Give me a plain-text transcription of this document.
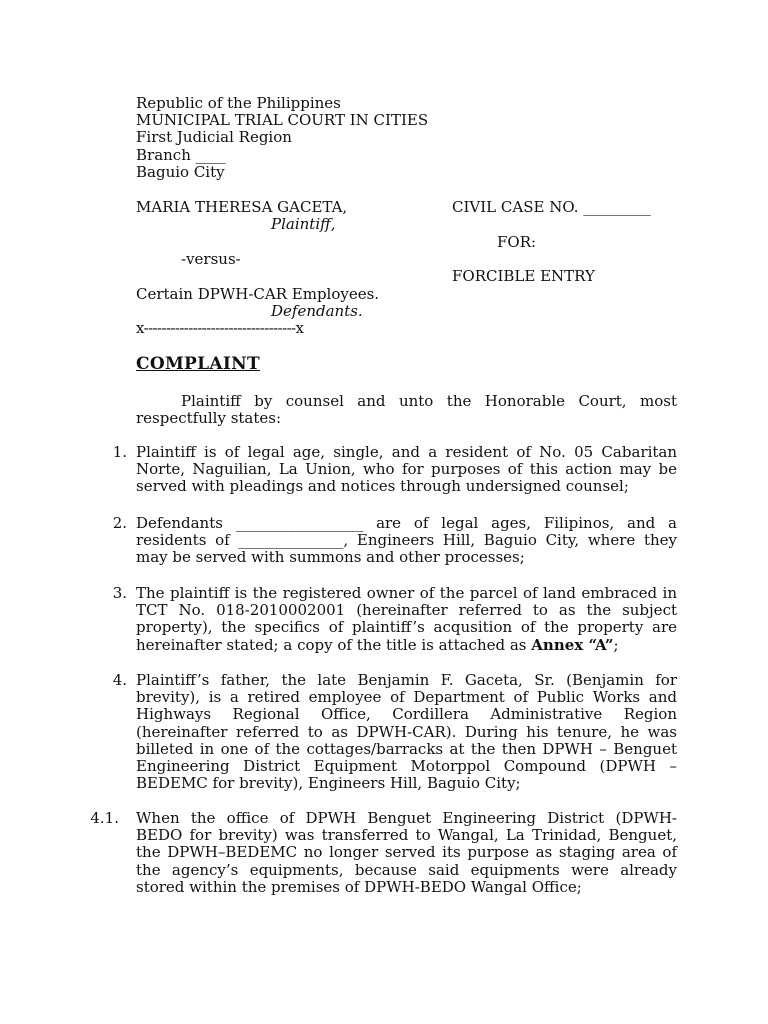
Republic of the Philippines
MUNICIPAL TRIAL COURT IN CITIES
First Judicial Region
Branch ____
Baguio City
MARIA THERESA GACETA,
Plaintiff,
-versus-
Certain DPWH-CAR Employees.
Defendants.
x----------------------------------x
CIVIL CASE NO. _________
FOR:
FORCIBLE ENTRY
COMPLAINT
Plaintiff by counsel and unto the Honorable Court, most
respectfully states:
1. Plaintiff is of legal age, single, and a resident of No. 05 Cabaritan
Norte, Naguilian, La Union, who for purposes of this action may be
served with pleadings and notices through undersigned counsel;
2. Defendants _________________ are of legal ages, Filipinos, and a
residents of ______________, Engineers Hill, Baguio City, where they
may be served with summons and other processes;
3. The plaintiff is the registered owner of the parcel of land embraced in
TCT No. 018-2010002001 (hereinafter referred to as the subject
property), the specifics of plaintiff’s acqusition of the property are
hereinafter stated; a copy of the title is attached as Annex “A”;
4. Plaintiff’s father, the late Benjamin F. Gaceta, Sr. (Benjamin for
brevity), is a retired employee of Department of Public Works and
Highways Regional Office, Cordillera Administrative Region
(hereinafter referred to as DPWH-CAR). During his tenure, he was
billeted in one of the cottages/barracks at the then DPWH – Benguet
Engineering District Equipment Motorppol Compound (DPWH –
BEDEMC for brevity), Engineers Hill, Baguio City;
4.1. When the office of DPWH Benguet Engineering District (DPWH-
BEDO for brevity) was transferred to Wangal, La Trinidad, Benguet,
the DPWH–BEDEMC no longer served its purpose as staging area of
the agency’s equipments, because said equipments were already
stored within the premises of DPWH-BEDO Wangal Office;
